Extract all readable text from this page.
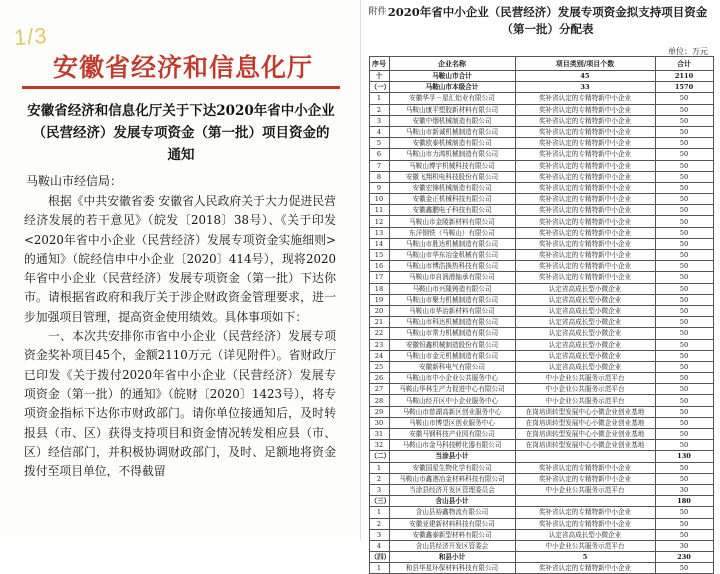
1/3
安徽省经济和信息化厅
安徽省经济和信息化厅关于下达2020年省中小企业（民营经济）发展专项资金（第一批）项目资金的通知
马鞍山市经信局：

根据《中共安徽省委 安徽省人民政府关于大力促进民营经济发展的若干意见》（皖发〔2018〕38号）、《关于印发<2020年省中小企业（民营经济）发展专项资金实施细则>的通知》（皖经信申中小企业〔2020〕414号），现将2020年省中小企业（民营经济）发展专项资金（第一批）下达你市。请根据省政府和我厅关于涉企财政资金管理要求，进一步加强项目管理，提高资金使用绩效。具体事项如下：

一、本次共安排你市省中小企业（民营经济）发展专项资金奖补项目45个，金额2110万元（详见附件）。省财政厅已印发《关于拨付2020年省中小企业（民营经济）发展专项资金（第一批）的通知》（皖财〔2020〕1423号），将专项资金指标下达你市财政部门。请你单位接通知后，及时转报县（市、区）获得支持项目和资金情况转发相应县（市、区）经信部门，并积极协调财政部门，及时、足额地将资金拨付至项目单位，不得截留

附件 2020年省中小企业（民营经济）发展专项资金拟支持项目资金（第一批）分配表
单位：万元
序号	企业名称	项目类别/项目个数	合计
十	马鞍山市合计	45	2110
（一）	马鞍山市本级合计	33	1570
1	安徽华孚－星汇铝业有限公司	奖补省认定的专精特新中小企业	50
2	马鞍山康平塑胶新材料有限公司	奖补省认定的专精特新中小企业	50
3	安徽中烟机械制造有限公司	奖补省认定的专精特新中小企业	50
4	马鞍山市新诚机械制造有限公司	奖补省认定的专精特新中小企业	50
5	安徽欧泰机械制造有限公司	奖补省认定的专精特新中小企业	50
6	马鞍山市力鸿机械制造有限公司	奖补省认定的专精特新中小企业	50
7	马鞍山博宇机械科技有限公司	奖补省认定的专精特新中小企业	50
8	安徽飞翔机电科技股份有限公司	奖补省认定的专精特新中小企业	50
9	安徽宏锦机械制造有限公司	奖补省认定的专精特新中小企业	50
10	安徽金正机械科技有限公司	奖补省认定的专精特新中小企业	50
11	安徽鑫鹏电子科技有限公司	奖补省认定的专精特新中小企业	50
12	马鞍山市金陵新材料有限公司	奖补省认定的专精特新中小企业	50
13	东洋钢铁（马鞍山）有限公司	奖补省认定的专精特新中小企业	50
14	马鞍山市胜达机械制造有限公司	奖补省认定的专精特新中小企业	50
15	马鞍山市华东冶金机械有限公司	奖补省认定的专精特新中小企业	50
16	马鞍山市博浩换热科技有限公司	奖补省认定的专精特新中小企业	50
17	马鞍山市自润滑轴承有限公司	奖补省认定的专精特新中小企业	50
18	马鞍山市兴隆铸造有限公司	认定省高成长型小微企业	50
19	马鞍山市聚力机械制造有限公司	认定省高成长型小微企业	50
20	马鞍山市华冶新材料有限公司	认定省高成长型小微企业	50
21	马鞍山市科达机械制造有限公司	认定省高成长型小微企业	50
22	马鞍山市常力机械制造有限公司	认定省高成长型小微企业	50
23	安徽恒鑫机械制造股份有限公司	认定省高成长型小微企业	50
24	马鞍山市金元机械制造有限公司	认定省高成长型小微企业	50
25	安徽新科电气有限公司	认定省高成长型小微企业	50
26	马鞍山市中小企业公共服务中心	中小企业公共服务示范平台	50
27	马鞍山华林生产力促进中心有限公司	中小企业公共服务示范平台	50
28	马鞍山经开区中小企业服务中心	中小企业公共服务示范平台	50
29	马鞍山市慈湖高新区创业服务中心	在岗培训转型发展中心小微企业创业基地	50
30	马鞍山市博望区创业服务中心	在岗培训转型发展中心小微企业创业基地	50
31	安徽马钢科技产业园有限公司	在岗培训转型发展中心小微企业创业基地	50
32	马鞍山市金马科技孵化器有限公司	在岗培训转型发展中心小微企业创业基地	50
（二）	当涂县小计		130
1	安徽国星生物化学有限公司	奖补省认定的专精特新中小企业	50
2	马鞍山市鑫港冶金材料科技有限公司	奖补省认定的专精特新中小企业	50
3	当涂县经济开发区管理委员会	中小企业公共服务示范平台	30
（三）	含山县小计		180
1	含山县裕鑫物流有限公司	奖补省认定的专精特新中小企业	50
2	安徽亚建新材料科技有限公司	奖补省认定的专精特新中小企业	50
3	安徽鑫泰新型材料有限公司	认定省高成长型小微企业	50
4	含山县经济开发区管委会	中小企业公共服务示范平台	30
（四）	和县小计	5	230
1	和县华星环保材料科技有限公司	奖补省认定的专精特新中小企业	50
